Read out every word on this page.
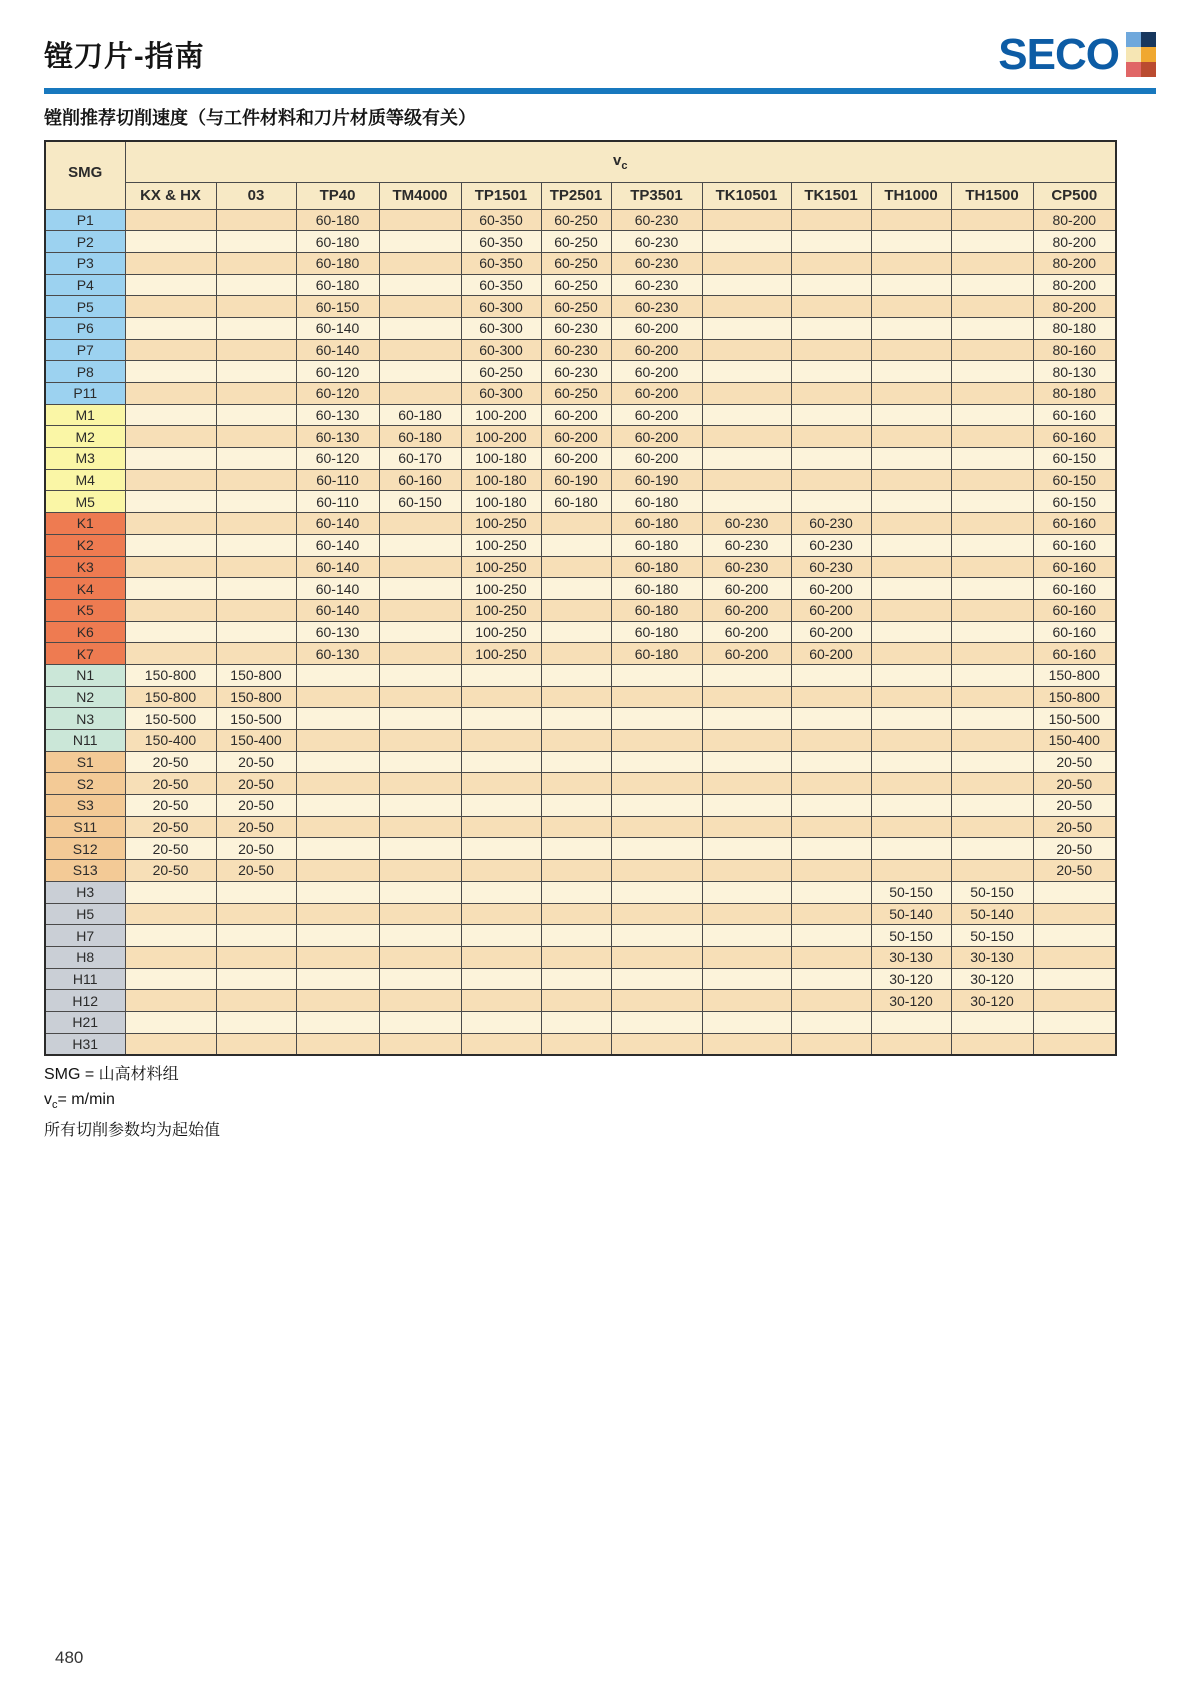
镗刀片-指南	SECO
镗削推荐切削速度（与工件材料和刀片材质等级有关）
SMG	$v_c$
	KX & HX	03	TP40	TM4000	TP1501	TP2501	TP3501	TK10501	TK1501	TH1000	TH1500	CP500
P1			60-180		60-350	60-250	60-230					80-200
P2			60-180		60-350	60-250	60-230					80-200
P3			60-180		60-350	60-250	60-230					80-200
P4			60-180		60-350	60-250	60-230					80-200
P5			60-150		60-300	60-250	60-230					80-200
P6			60-140		60-300	60-230	60-200					80-180
P7			60-140		60-300	60-230	60-200					80-160
P8			60-120		60-250	60-230	60-200					80-130
P11			60-120		60-300	60-250	60-200					80-180
M1			60-130	60-180	100-200	60-200	60-200					60-160
M2			60-130	60-180	100-200	60-200	60-200					60-160
M3			60-120	60-170	100-180	60-200	60-200					60-150
M4			60-110	60-160	100-180	60-190	60-190					60-150
M5			60-110	60-150	100-180	60-180	60-180					60-150
K1			60-140		100-250		60-180	60-230	60-230			60-160
K2			60-140		100-250		60-180	60-230	60-230			60-160
K3			60-140		100-250		60-180	60-230	60-230			60-160
K4			60-140		100-250		60-180	60-200	60-200			60-160
K5			60-140		100-250		60-180	60-200	60-200			60-160
K6			60-130		100-250		60-180	60-200	60-200			60-160
K7			60-130		100-250		60-180	60-200	60-200			60-160
N1	150-800	150-800										150-800
N2	150-800	150-800										150-800
N3	150-500	150-500										150-500
N11	150-400	150-400										150-400
S1	20-50	20-50										20-50
S2	20-50	20-50										20-50
S3	20-50	20-50										20-50
S11	20-50	20-50										20-50
S12	20-50	20-50										20-50
S13	20-50	20-50										20-50
H3										50-150	50-150	
H5										50-140	50-140	
H7										50-150	50-150	
H8										30-130	30-130	
H11										30-120	30-120	
H12										30-120	30-120	
H21												
H31												
SMG = 山高材料组
$v_c= m/\min$
所有切削参数均为起始值
480
